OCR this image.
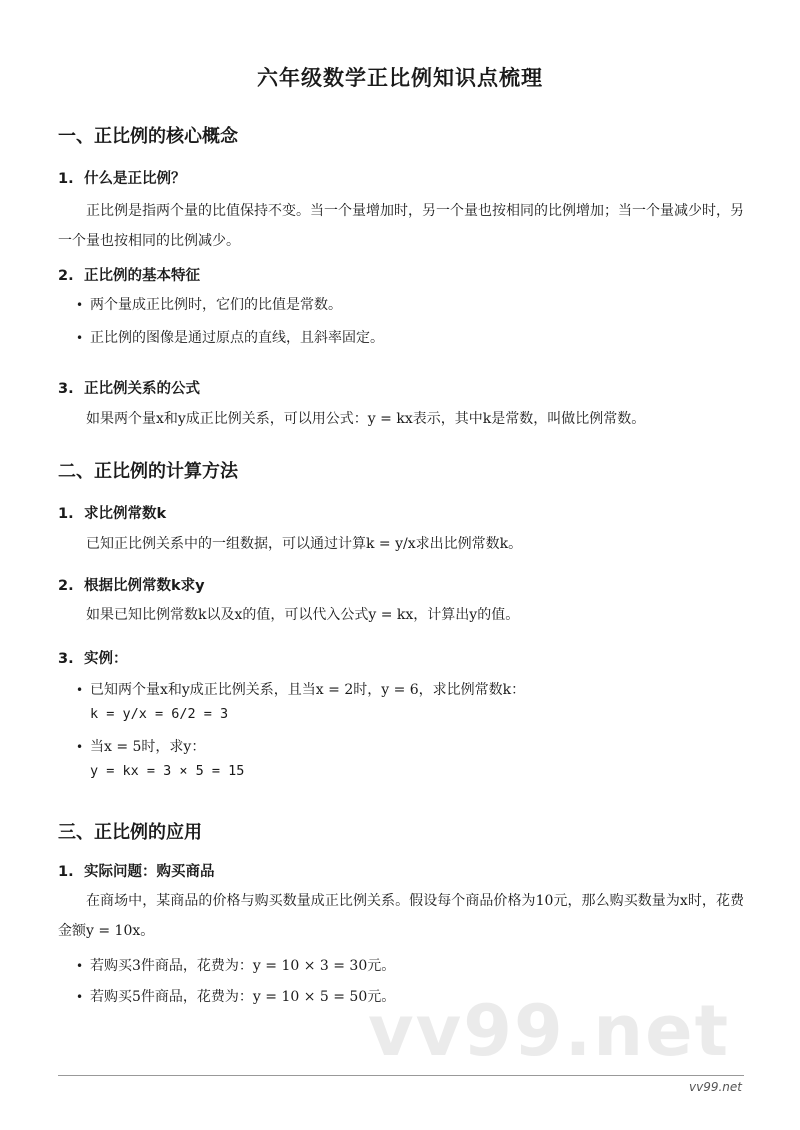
六年级数学正比例知识点梳理
一、正比例的核心概念
1. 什么是正比例？
正比例是指两个量的比值保持不变。当一个量增加时，另一个量也按相同的比例增加；当一个量减少时，另一个量也按相同的比例减少。
2. 正比例的基本特征
• 两个量成正比例时，它们的比值是常数。
• 正比例的图像是通过原点的直线，且斜率固定。
3. 正比例关系的公式
如果两个量x和y成正比例关系，可以用公式：y = kx表示，其中k是常数，叫做比例常数。
二、正比例的计算方法
1. 求比例常数k
已知正比例关系中的一组数据，可以通过计算k = y/x求出比例常数k。
2. 根据比例常数k求y
如果已知比例常数k以及x的值，可以代入公式y = kx，计算出y的值。
3. 实例：
• 已知两个量x和y成正比例关系，且当x = 2时，y = 6，求比例常数k：
k = y/x = 6/2 = 3
• 当x = 5时，求y：
y = kx = 3 × 5 = 15
三、正比例的应用
1. 实际问题：购买商品
在商场中，某商品的价格与购买数量成正比例关系。假设每个商品价格为10元，那么购买数量为x时，花费金额y = 10x。
• 若购买3件商品，花费为：y = 10 × 3 = 30元。
• 若购买5件商品，花费为：y = 10 × 5 = 50元。
vv99.net
vv99.net
